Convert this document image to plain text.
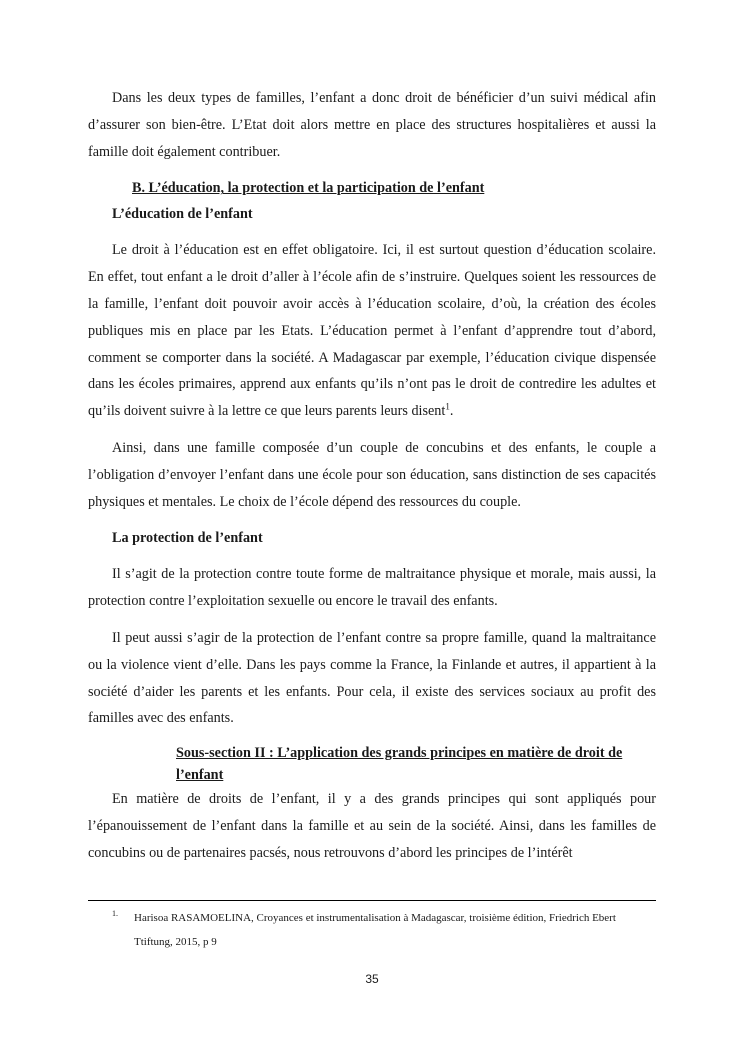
Dans les deux types de familles, l’enfant a donc droit de bénéficier d’un suivi médical afin d’assurer son bien-être. L’Etat doit alors mettre en place des structures hospitalières et aussi la famille doit également contribuer.

B. L’éducation, la protection et la participation de l’enfant

L’éducation de l’enfant

Le droit à l’éducation est en effet obligatoire. Ici, il est surtout question d’éducation scolaire. En effet, tout enfant a le droit d’aller à l’école afin de s’instruire. Quelques soient les ressources de la famille, l’enfant doit pouvoir avoir accès à l’éducation scolaire, d’où, la création des écoles publiques mis en place par les Etats. L’éducation permet à l’enfant d’apprendre tout d’abord, comment se comporter dans la société. A Madagascar par exemple, l’éducation civique dispensée dans les écoles primaires, apprend aux enfants qu’ils n’ont pas le droit de contredire les adultes et qu’ils doivent suivre à la lettre ce que leurs parents leurs disent$^1$.

Ainsi, dans une famille composée d’un couple de concubins et des enfants, le couple a l’obligation d’envoyer l’enfant dans une école pour son éducation, sans distinction de ses capacités physiques et mentales. Le choix de l’école dépend des ressources du couple.

La protection de l’enfant

Il s’agit de la protection contre toute forme de maltraitance physique et morale, mais aussi, la protection contre l’exploitation sexuelle ou encore le travail des enfants.

Il peut aussi s’agir de la protection de l’enfant contre sa propre famille, quand la maltraitance ou la violence vient d’elle. Dans les pays comme la France, la Finlande et autres, il appartient à la société d’aider les parents et les enfants. Pour cela, il existe des services sociaux au profit des familles avec des enfants.

Sous-section II : L’application des grands principes en matière de droit de l’enfant

En matière de droits de l’enfant, il y a des grands principes qui sont appliqués pour l’épanouissement de l’enfant dans la famille et au sein de la société. Ainsi, dans les familles de concubins ou de partenaires pacsés, nous retrouvons d’abord les principes de l’intérêt

1.	Harisoa RASAMOELINA, Croyances et instrumentalisation à Madagascar, troisième édition, Friedrich Ebert Ttiftung, 2015, p 9
35
